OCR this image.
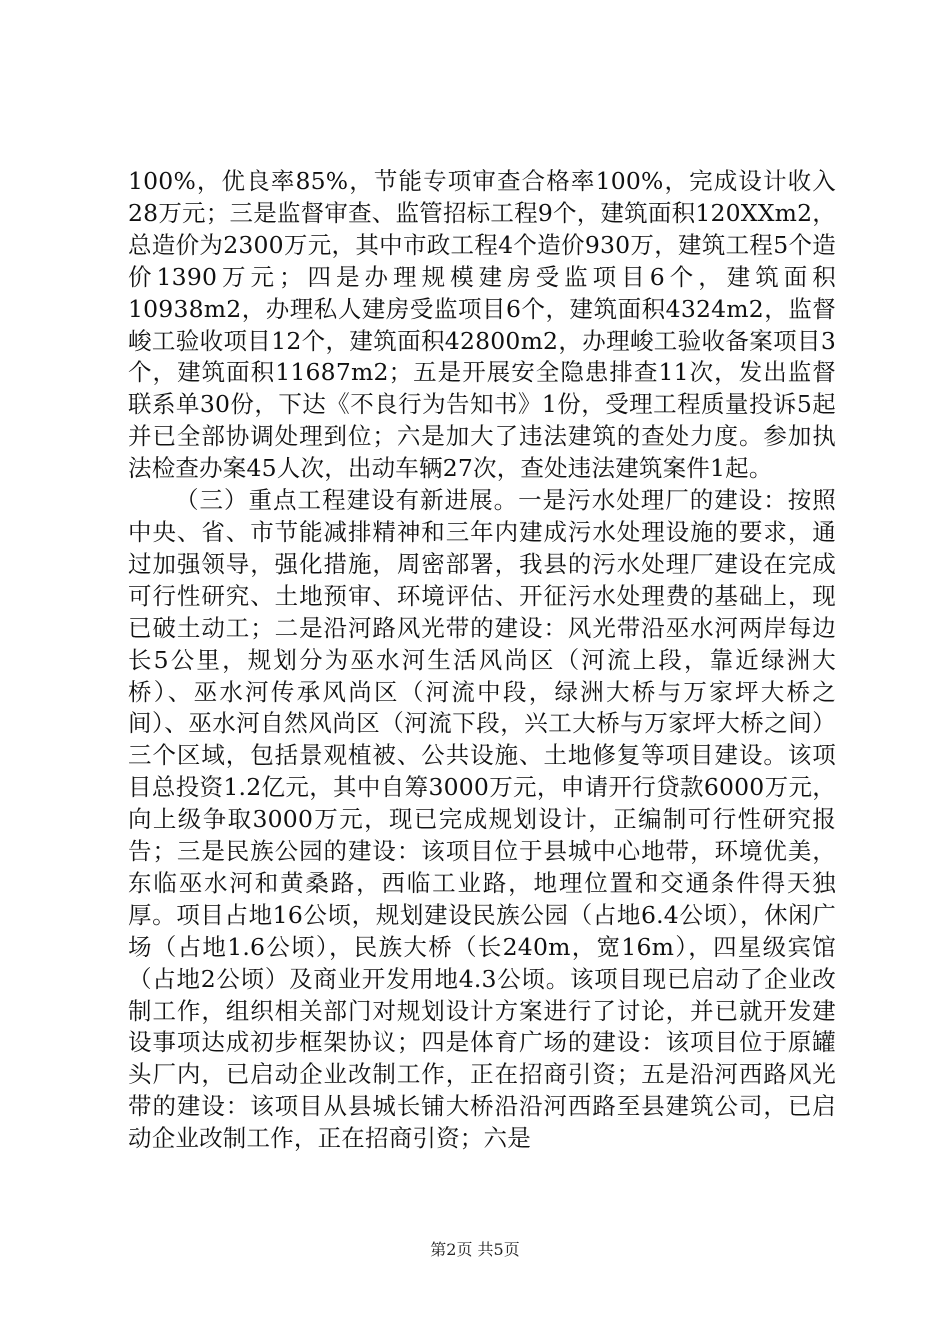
100%，优良率85%，节能专项审查合格率100%，完成设计收入28万元；三是监督审查、监管招标工程9个，建筑面积120XXm2，总造价为2300万元，其中市政工程4个造价930万，建筑工程5个造价1390万元；四是办理规模建房受监项目6个，建筑面积10938m2，办理私人建房受监项目6个，建筑面积4324m2，监督峻工验收项目12个，建筑面积42800m2，办理峻工验收备案项目3个，建筑面积11687m2；五是开展安全隐患排查11次，发出监督联系单30份，下达《不良行为告知书》1份，受理工程质量投诉5起并已全部协调处理到位；六是加大了违法建筑的查处力度。参加执法检查办案45人次，出动车辆27次，查处违法建筑案件1起。

（三）重点工程建设有新进展。一是污水处理厂的建设：按照中央、省、市节能减排精神和三年内建成污水处理设施的要求，通过加强领导，强化措施，周密部署，我县的污水处理厂建设在完成可行性研究、土地预审、环境评估、开征污水处理费的基础上，现已破土动工；二是沿河路风光带的建设：风光带沿巫水河两岸每边长5公里，规划分为巫水河生活风尚区（河流上段，靠近绿洲大桥）、巫水河传承风尚区（河流中段，绿洲大桥与万家坪大桥之间）、巫水河自然风尚区（河流下段，兴工大桥与万家坪大桥之间）三个区域，包括景观植被、公共设施、土地修复等项目建设。该项目总投资1.2亿元，其中自筹3000万元，申请开行贷款6000万元，向上级争取3000万元，现已完成规划设计，正编制可行性研究报告；三是民族公园的建设：该项目位于县城中心地带，环境优美，东临巫水河和黄桑路，西临工业路，地理位置和交通条件得天独厚。项目占地16公顷，规划建设民族公园（占地6.4公顷），休闲广场（占地1.6公顷），民族大桥（长240m，宽16m），四星级宾馆（占地2公顷）及商业开发用地4.3公顷。该项目现已启动了企业改制工作，组织相关部门对规划设计方案进行了讨论，并已就开发建设事项达成初步框架协议；四是体育广场的建设：该项目位于原罐头厂内，已启动企业改制工作，正在招商引资；五是沿河西路风光带的建设：该项目从县城长铺大桥沿沿河西路至县建筑公司，已启动企业改制工作，正在招商引资；六是

第2页 共5页
